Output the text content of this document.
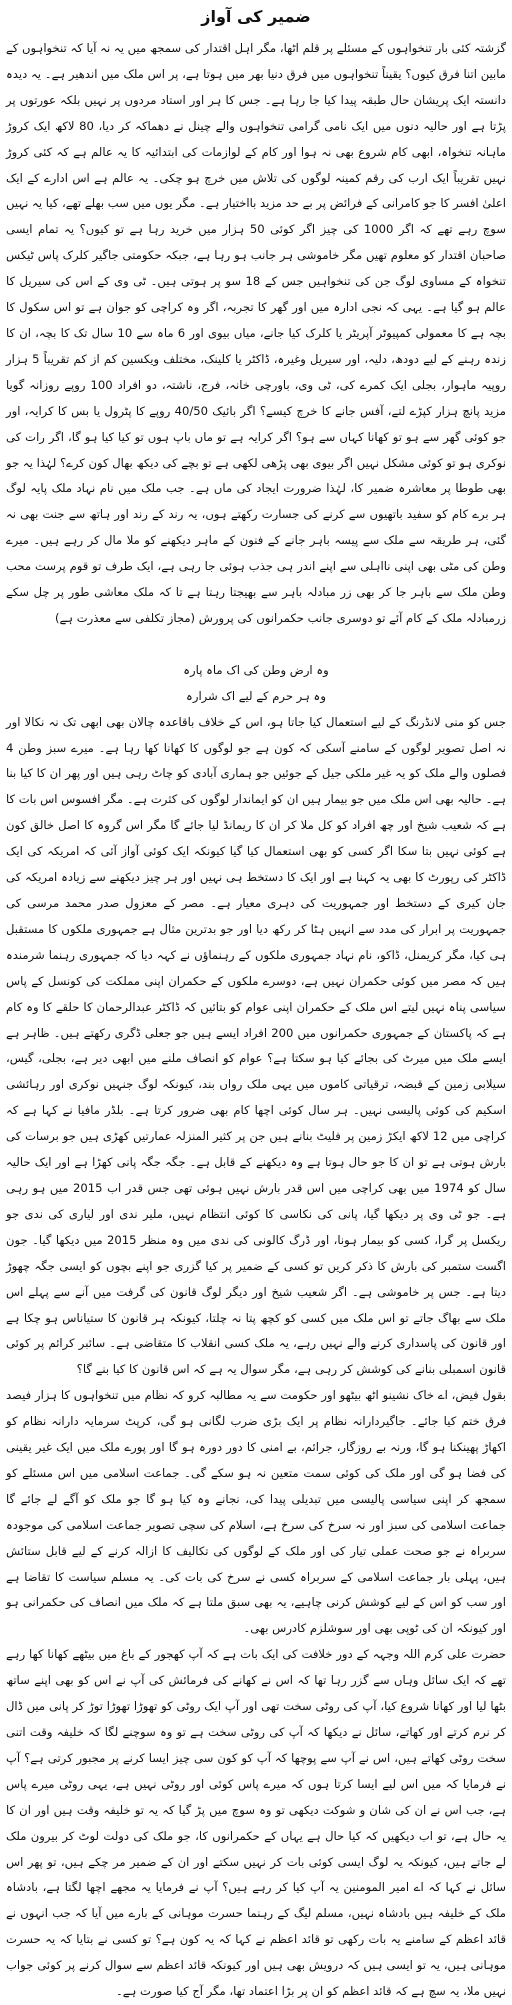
ضمیر کی آواز

گزشتہ کئی بار تنخواہوں کے مسئلے پر قلم اٹھا، مگر اہل اقتدار کی سمجھ میں یہ نہ آیا کہ تنخواہوں کے مابین اتنا فرق کیوں؟ یقیناً تنخواہوں میں فرق دنیا بھر میں ہوتا ہے، پر اس ملک میں اندھیر ہے۔ یہ دیدہ دانستہ ایک پریشان حال طبقہ پیدا کیا جا رہا ہے۔ جس کا ہر اور استاد مردوں پر نہیں بلکہ عورتوں پر پڑتا ہے اور حالیہ دنوں میں ایک نامی گرامی تنخواہوں والے چینل نے دھماکہ کر دیا، 80 لاکھ ایک کروڑ ماہانہ تنخواہ، ابھی کام شروع بھی نہ ہوا اور کام کے لوازمات کی ابتدائیہ کا یہ عالم ہے کہ کئی کروڑ نہیں تقریباً ایک ارب کی رقم کمینہ لوگوں کی تلاش میں خرچ ہو چکی۔ یہ عالم ہے اس ادارے کے ایک اعلیٰ افسر کا جو کامرانی کے فرائض پر بے حد مزید بااختیار ہے۔ مگر یوں میں سب بھلے تھے، کیا یہ نہیں سوچ رہے تھے کہ اگر 1000 کی چیز اگر کوئی 50 ہزار میں خرید رہا ہے تو کیوں؟ یہ تمام ایسی صاحبان اقتدار کو معلوم تھیں مگر خاموشی ہر جانب ہو رہا ہے، جبکہ حکومتی جاگیر کلرک پاس ٹیکس تنخواہ کے مساوی لوگ جن کی تنخواہیں جس کے 18 سو پر ہوتی ہیں۔ ٹی وی کے اس کی سیریل کا عالم ہو گیا ہے۔ یہی کہ نجی ادارہ میں اور گھر کا تجربہ، اگر وہ کراچی کو جوان ہے تو اس سکول کا بچہ ہے کا معمولی کمپیوٹر آپریٹر یا کلرک کیا جانے، میاں بیوی اور 6 ماہ سے 10 سال تک کا بچہ، ان کا زندہ رہنے کے لیے دودھ، دلیہ، اور سیریل وغیرہ، ڈاکٹر یا کلینک، مختلف ویکسین کم از کم تقریباً 5 ہزار روپیہ ماہوار، بجلی ایک کمرے کی، ٹی وی، باورچی خانہ، فرج، ناشتہ، دو افراد 100 روپے روزانہ گویا مزید پانچ ہزار کپڑے لتے، آفس جانے کا خرچ کیسے؟ اگر بائیک 40/50 روپے کا پٹرول یا بس کا کرایہ، اور جو کوئی گھر سے ہو تو کھانا کہاں سے ہو؟ اگر کرایہ ہے تو ماں باپ ہوں تو کیا کیا ہو گا، اگر رات کی نوکری ہو تو کوئی مشکل نہیں اگر بیوی بھی پڑھی لکھی ہے تو بچے کی دیکھ بھال کون کرے؟ لہٰذا یہ جو بھی طوطا پر معاشرہ ضمیر کا، لہٰذا ضرورت ایجاد کی ماں ہے۔ جب ملک میں نام نہاد ملک پایہ لوگ ہر برے کام کو سفید باتھیوں سے کرنے کی جسارت رکھتے ہوں، یہ رند کے رند اور ہاتھ سے جنت بھی نہ گئی، ہر طریقہ سے ملک سے پیسہ باہر جانے کے فنون کے ماہر دیکھنے کو ملا مال کر رہے ہیں۔ میرے وطن کی مٹی بھی اپنی نااہلی سے اپنے اندر ہی جذب ہوئی جا رہی ہے، ایک طرف تو قوم پرست محب وطن ملک سے باہر جا کر بھی زر مبادلہ باہر سے بھیجتا رہتا ہے تا کہ ملک معاشی طور پر چل سکے زرمبادلہ ملک کے کام آئے تو دوسری جانب حکمرانوں کی پرورش (مجاز تکلفی سے معذرت ہے)

وہ ارض وطن کی اک ماہ پارہ

وہ ہر حرم کے لیے اک شرارہ

جس کو منی لانڈرنگ کے لیے استعمال کیا جاتا ہو، اس کے خلاف باقاعدہ چالان بھی ابھی تک نہ نکالا اور نہ اصل تصویر لوگوں کے سامنے آسکی کہ کون ہے جو لوگوں کا کھانا کھا رہا ہے۔ میرے سبز وطن 4 فصلوں والے ملک کو یہ غیر ملکی جیل کے جوئیں جو ہماری آبادی کو چاٹ رہی ہیں اور پھر ان کا کیا بنا ہے۔ حالیہ بھی اس ملک میں جو بیمار ہیں ان کو ایماندار لوگوں کی کثرت ہے۔ مگر افسوس اس بات کا ہے کہ شعیب شیخ اور چھ افراد کو کل ملا کر ان کا ریمانڈ لیا جائے گا مگر اس گروہ کا اصل خالق کون ہے کوئی نہیں بتا سکا اگر کسی کو بھی استعمال کیا گیا کیونکہ ایک کوئی آواز آئی کہ امریکہ کی ایک ڈاکٹر کی رپورٹ کا بھی یہ کہنا ہے اور ایک کا دستخط ہی نہیں اور ہر چیز دیکھنے سے زیادہ امریکہ کی جان کیری کے دستخط اور جمہوریت کی دہری معیار ہے۔ مصر کے معزول صدر محمد مرسی کی جمہوریت پر ابرار کی مدد سے انہیں ہٹا کر رکھ دیا اور جو بدترین مثال ہے جمہوری ملکوں کا مستقبل ہی کیا، مگر کریمنل، ڈاکو، نام نہاد جمہوری ملکوں کے رہنماؤں نے کہہ دیا کہ جمہوری رہنما شرمندہ ہیں کہ مصر میں کوئی حکمران نہیں ہے، دوسرے ملکوں کے حکمران اپنی مملکت کی کونسل کے پاس سیاسی پناہ نہیں لیتے اس ملک کے حکمران اپنی عوام کو بتائیں کہ ڈاکٹر عبدالرحمان کا حلقے کا وہ کام ہے کہ پاکستان کے جمہوری حکمرانوں میں 200 افراد ایسے ہیں جو جعلی ڈگری رکھتے ہیں۔ ظاہر ہے ایسے ملک میں میرٹ کی بجائے کیا ہو سکتا ہے؟ عوام کو انصاف ملنے میں ابھی دیر ہے، بجلی، گیس، سیلابی زمین کے قبضہ، ترقیاتی کاموں میں یہی ملک رواں بند، کیونکہ لوگ جنہیں نوکری اور رہائشی اسکیم کی کوئی پالیسی نہیں۔ ہر سال کوئی اچھا کام بھی ضرور کرتا ہے۔ بلڈر مافیا نے کہا ہے کہ کراچی میں 12 لاکھ ایکڑ زمین پر فلیٹ بنانے ہیں جن پر کثیر المنزلہ عمارتیں کھڑی ہیں جو برسات کی بارش ہوتی ہے تو ان کا جو حال ہوتا ہے وہ دیکھنے کے قابل ہے۔ جگہ جگہ پانی کھڑا ہے اور ایک حالیہ سال کو 1974 میں بھی کراچی میں اس قدر بارش نہیں ہوئی تھی جس قدر اب 2015 میں ہو رہی ہے۔ جو ٹی وی پر دیکھا گیا، پانی کی نکاسی کا کوئی انتظام نہیں، ملیر ندی اور لیاری کی ندی جو ریکسل پر گرا، کسی کو بیمار ہونا، اور ڈرگ کالونی کی ندی میں وہ منظر 2015 میں دیکھا گیا۔ جون اگست ستمبر کی بارش کا ذکر کریں تو کسی کے ضمیر پر کیا گزری جو اپنے بچوں کو ایسی جگہ چھوڑ دیتا ہے۔ جس پر خاموشی ہے۔ اگر شعیب شیخ اور دیگر لوگ قانون کی گرفت میں آنے سے پہلے اس ملک سے بھاگ جاتے تو اس ملک میں کسی کو کچھ پتا نہ چلتا، کیونکہ ہر قانون کا ستیاناس ہو چکا ہے اور قانون کی پاسداری کرنے والے نہیں رہے، یہ ملک کسی انقلاب کا متقاضی ہے۔ سائبر کرائم پر کوئی قانون اسمبلی بنانے کی کوشش کر رہی ہے، مگر سوال یہ ہے کہ اس قانون کا کیا بنے گا؟

بقول فیض، اے خاک نشینو اٹھ بیٹھو اور حکومت سے یہ مطالبہ کرو کہ نظام میں تنخواہوں کا ہزار فیصد فرق ختم کیا جائے۔ جاگیردارانہ نظام پر ایک بڑی ضرب لگانی ہو گی، کرپٹ سرمایہ دارانہ نظام کو اکھاڑ پھینکنا ہو گا، ورنہ بے روزگار، جرائم، بے امنی کا دور دورہ ہو گا اور پورے ملک میں ایک غیر یقینی کی فضا ہو گی اور ملک کی کوئی سمت متعین نہ ہو سکے گی۔ جماعت اسلامی میں اس مسئلے کو سمجھ کر اپنی سیاسی پالیسی میں تبدیلی پیدا کی، نجانے وہ کیا ہو گا جو ملک کو آگے لے جائے گا جماعت اسلامی کی سبز اور نہ سرخ کی سرخ ہے، اسلام کی سچی تصویر جماعت اسلامی کی موجودہ سربراہ نے جو صحت عملی تیار کی اور ملک کے لوگوں کی تکالیف کا ازالہ کرنے کے لیے قابل ستائش ہیں، پہلی بار جماعت اسلامی کے سربراہ کسی نے سرخ کی بات کی۔ یہ مسلم سیاست کا تقاضا ہے اور سب کو اس کے لیے کوشش کرنی چاہیے، یہ بھی سبق ملتا ہے کہ ملک میں انصاف کی حکمرانی ہو اور کیونکہ ان کی ٹوپی بھی اور سوشلزم کادرس بھی۔

حضرت علی کرم اللہ وجہہ کے دور خلافت کی ایک بات ہے کہ آپ کھجور کے باغ میں بیٹھے کھانا کھا رہے تھے کہ ایک سائل وہاں سے گزر رہا تھا کہ اس نے کھانے کی فرمائش کی آپ نے اس کو بھی اپنے ساتھ بٹھا لیا اور کھانا شروع کیا، آپ کی روٹی سخت تھی اور آپ ایک روٹی کو تھوڑا تھوڑا توڑ کر پانی میں ڈال کر نرم کرتے اور کھاتے، سائل نے دیکھا کہ آپ کی روٹی سخت ہے تو وہ سوچنے لگا کہ خلیفہ وقت اتنی سخت روٹی کھاتے ہیں، اس نے آپ سے پوچھا کہ آپ کو کون سی چیز ایسا کرنے پر مجبور کرتی ہے؟ آپ نے فرمایا کہ میں اس لیے ایسا کرتا ہوں کہ میرے پاس کوئی اور روٹی نہیں ہے، یہی روٹی میرے پاس ہے، جب اس نے ان کی شان و شوکت دیکھی تو وہ سوچ میں پڑ گیا کہ یہ تو خلیفہ وقت ہیں اور ان کا یہ حال ہے، تو اب دیکھیں کہ کیا حال ہے یہاں کے حکمرانوں کا، جو ملک کی دولت لوٹ کر بیرون ملک لے جاتے ہیں، کیونکہ یہ لوگ ایسی کوئی بات کر نہیں سکتے اور ان کے ضمیر مر چکے ہیں، تو پھر اس سائل نے کہا کہ اے امیر المومنین یہ آپ کیا کر رہے ہیں؟ آپ نے فرمایا یہ مجھے اچھا لگتا ہے، بادشاہ ملک کے خلیفہ ہیں بادشاہ نہیں، مسلم لیگ کے رہنما حسرت موہانی کے بارے میں آیا کہ جب انہوں نے قائد اعظم کے سامنے یہ بات رکھی تو قائد اعظم نے کہا کہ یہ کون ہے؟ تو کسی نے بتایا کہ یہ حسرت موہانی ہیں، یہ تو ایسی ہیں کہ درویش بھی ہیں اور کیونکہ قائد اعظم سے سوال کرنے پر کوئی جواب نہیں ملا، یہ سچ ہے کہ قائد اعظم کو ان پر بڑا اعتماد تھا، مگر آج کیا صورت ہے۔
